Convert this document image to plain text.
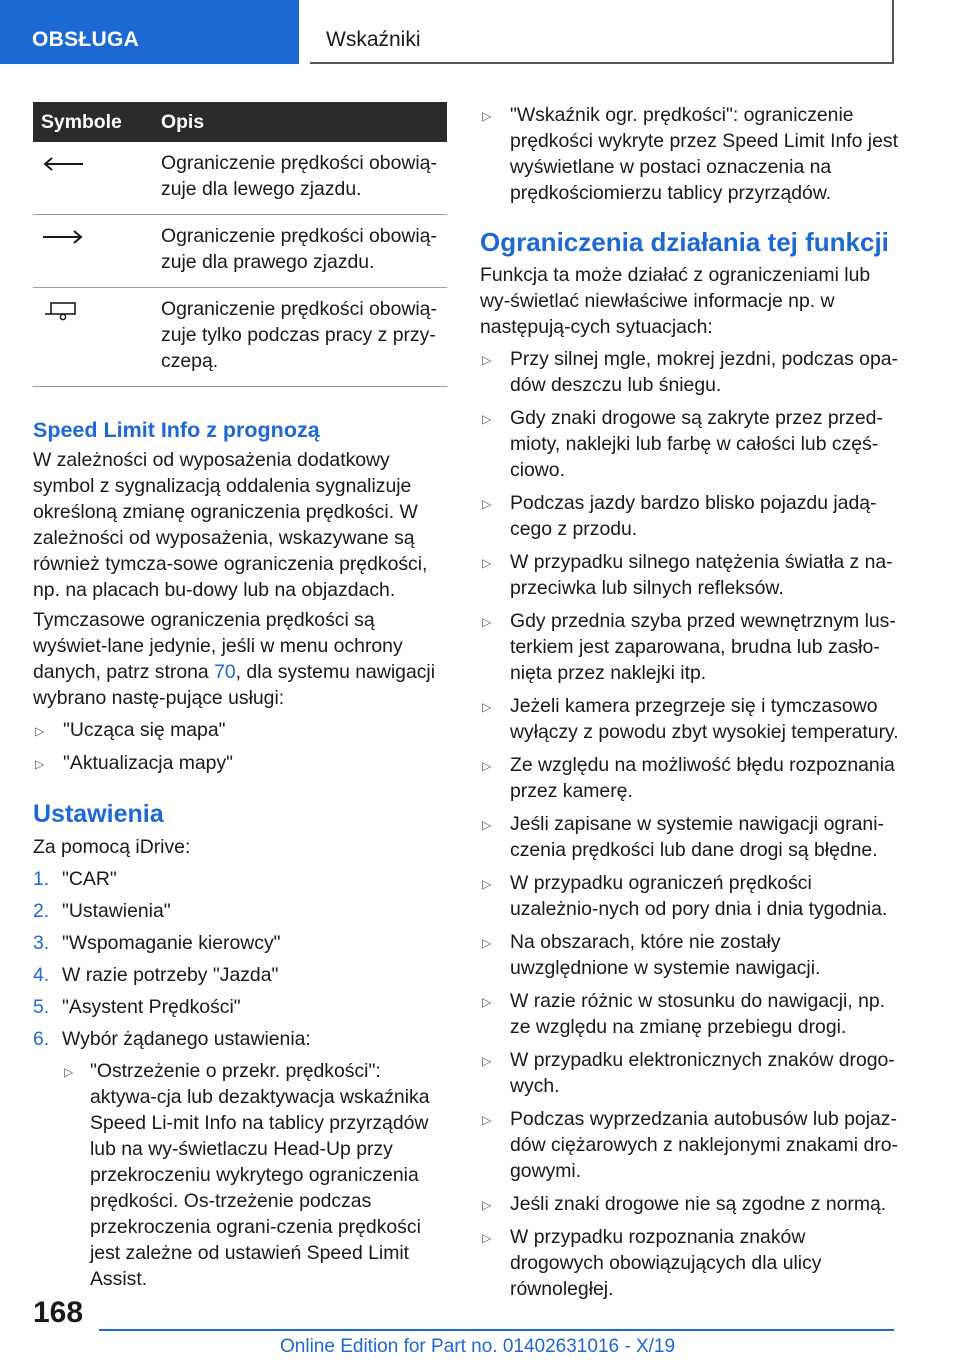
OBSŁUGA	Wskaźniki
Symbole	Opis
	Ograniczenie prędkości obowią‐zuje dla lewego zjazdu.
	Ograniczenie prędkości obowią‐zuje dla prawego zjazdu.
	Ograniczenie prędkości obowią‐zuje tylko podczas pracy z przy‐czepą.
Speed Limit Info z prognozą

W zależności od wyposażenia dodatkowy symbol z sygnalizacją oddalenia sygnalizuje określoną zmianę ograniczenia prędkości. W zależności od wyposażenia, wskazywane są również tymcza‐sowe ograniczenia prędkości, np. na placach bu‐dowy lub na objazdach.

Tymczasowe ograniczenia prędkości są wyświet‐lane jedynie, jeśli w menu ochrony danych, patrz strona 70, dla systemu nawigacji wybrano nastę‐pujące usługi:

▷ "Ucząca się mapa"
▷ "Aktualizacja mapy"
Ustawienia

Za pomocą iDrive:

1. "CAR"
2. "Ustawienia"
3. "Wspomaganie kierowcy"
4. W razie potrzeby "Jazda"
5. "Asystent Prędkości"
6. Wybór żądanego ustawienia:
▷ "Ostrzeżenie o przekr. prędkości": aktywa‐cja lub dezaktywacja wskaźnika Speed Li‐mit Info na tablicy przyrządów lub na wy‐świetlaczu Head-Up przy przekroczeniu wykrytego ograniczenia prędkości. Os‐trzeżenie podczas przekroczenia ograni‐czenia prędkości jest zależne od ustawień Speed Limit Assist.
▷ "Wskaźnik ogr. prędkości": ograniczenie prędkości wykryte przez Speed Limit Info jest wyświetlane w postaci oznaczenia na prędkościomierzu tablicy przyrządów.
Ograniczenia działania tej funkcji

Funkcja ta może działać z ograniczeniami lub wy‐świetlać niewłaściwe informacje np. w następują‐cych sytuacjach:

▷ Przy silnej mgle, mokrej jezdni, podczas opa‐dów deszczu lub śniegu.
▷ Gdy znaki drogowe są zakryte przez przed‐mioty, naklejki lub farbę w całości lub częś‐ciowo.
▷ Podczas jazdy bardzo blisko pojazdu jadą‐cego z przodu.
▷ W przypadku silnego natężenia światła z na‐przeciwka lub silnych refleksów.
▷ Gdy przednia szyba przed wewnętrznym lus‐terkiem jest zaparowana, brudna lub zasło‐nięta przez naklejki itp.
▷ Jeżeli kamera przegrzeje się i tymczasowo wyłączy z powodu zbyt wysokiej temperatury.
▷ Ze względu na możliwość błędu rozpoznania przez kamerę.
▷ Jeśli zapisane w systemie nawigacji ograni‐czenia prędkości lub dane drogi są błędne.
▷ W przypadku ograniczeń prędkości uzależnio‐nych od pory dnia i dnia tygodnia.
▷ Na obszarach, które nie zostały uwzględnione w systemie nawigacji.
▷ W razie różnic w stosunku do nawigacji, np. ze względu na zmianę przebiegu drogi.
▷ W przypadku elektronicznych znaków drogo‐wych.
▷ Podczas wyprzedzania autobusów lub pojaz‐dów ciężarowych z naklejonymi znakami dro‐gowymi.
▷ Jeśli znaki drogowe nie są zgodne z normą.
▷ W przypadku rozpoznania znaków drogowych obowiązujących dla ulicy równoległej.
168
Online Edition for Part no. 01402631016 - X/19
